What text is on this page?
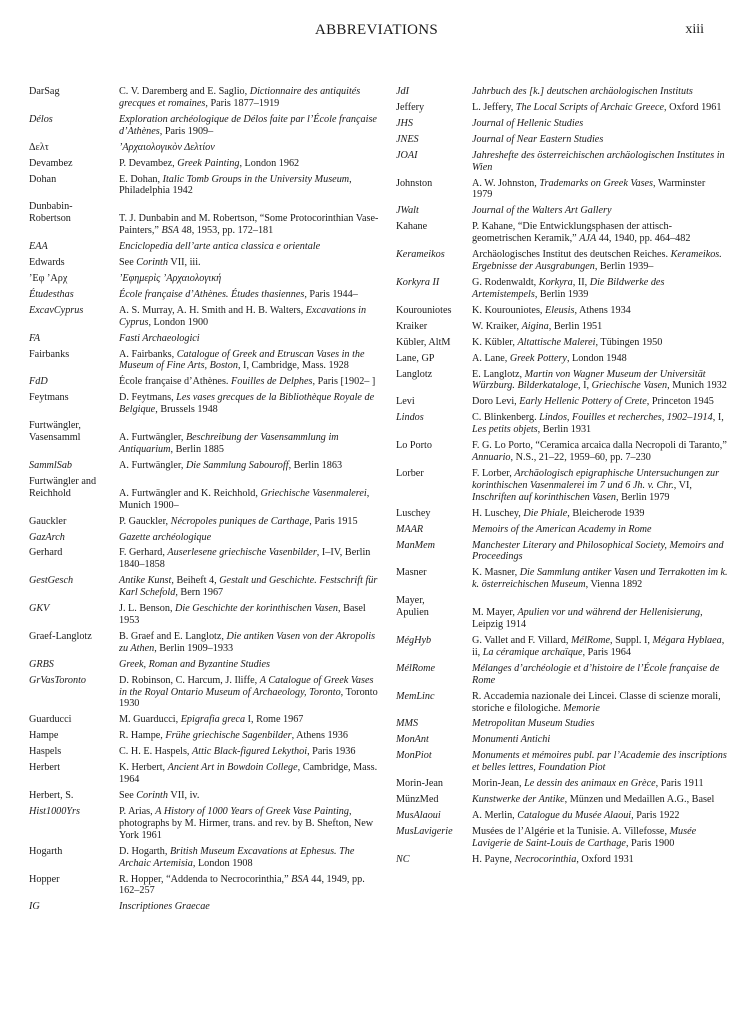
ABBREVIATIONS	xiii
DarSag	C. V. Daremberg and E. Saglio, Dictionnaire des antiquités grecques et romaines, Paris 1877–1919
Délos	Exploration archéologique de Délos faite par l’École française d’Athènes, Paris 1909–
Δελτ	’Αρχαιολογικὸν Δελτίον
Devambez	P. Devambez, Greek Painting, London 1962
Dohan	E. Dohan, Italic Tomb Groups in the University Museum, Philadelphia 1942
Dunbabin-
Robertson	T. J. Dunbabin and M. Robertson, “Some Protocorinthian Vase-Painters,” BSA 48, 1953, pp. 172–181
EAA	Enciclopedia dell’arte antica classica e orientale
Edwards	See Corinth VII, iii.
’Εφ ’Αρχ	’Εφημερὶς ’Αρχαιολογική
Étudesthas	École française d’Athènes. Études thasiennes, Paris 1944–
ExcavCyprus	A. S. Murray, A. H. Smith and H. B. Walters, Excavations in Cyprus, London 1900
FA	Fasti Archaeologici
Fairbanks	A. Fairbanks, Catalogue of Greek and Etruscan Vases in the Museum of Fine Arts, Boston, I, Cambridge, Mass. 1928
FdD	École française d’Athènes. Fouilles de Delphes, Paris [1902– ]
Feytmans	D. Feytmans, Les vases grecques de la Bibliothèque Royale de Belgique, Brussels 1948
Furtwängler,
Vasensamml	A. Furtwängler, Beschreibung der Vasensammlung im Antiquarium, Berlin 1885
SammlSab	A. Furtwängler, Die Sammlung Sabouroff, Berlin 1863
Furtwängler and
Reichhold	A. Furtwängler and K. Reichhold, Griechische Vasenmalerei, Munich 1900–
Gauckler	P. Gauckler, Nécropoles puniques de Carthage, Paris 1915
GazArch	Gazette archéologique
Gerhard	F. Gerhard, Auserlesene griechische Vasenbilder, I–IV, Berlin 1840–1858
GestGesch	Antike Kunst, Beiheft 4, Gestalt und Geschichte. Festschrift für Karl Schefold, Bern 1967
GKV	J. L. Benson, Die Geschichte der korinthischen Vasen, Basel 1953
Graef-Langlotz	B. Graef and E. Langlotz, Die antiken Vasen von der Akropolis zu Athen, Berlin 1909–1933
GRBS	Greek, Roman and Byzantine Studies
GrVasToronto	D. Robinson, C. Harcum, J. Iliffe, A Catalogue of Greek Vases in the Royal Ontario Museum of Archaeology, Toronto, Toronto 1930
Guarducci	M. Guarducci, Epigrafia greca I, Rome 1967
Hampe	R. Hampe, Frühe griechische Sagenbilder, Athens 1936
Haspels	C. H. E. Haspels, Attic Black-figured Lekythoi, Paris 1936
Herbert	K. Herbert, Ancient Art in Bowdoin College, Cambridge, Mass. 1964
Herbert, S.	See Corinth VII, iv.
Hist1000Yrs	P. Arias, A History of 1000 Years of Greek Vase Painting, photographs by M. Hirmer, trans. and rev. by B. Shefton, New York 1961
Hogarth	D. Hogarth, British Museum Excavations at Ephesus. The Archaic Artemisia, London 1908
Hopper	R. Hopper, “Addenda to Necrocorinthia,” BSA 44, 1949, pp. 162–257
IG	Inscriptiones Graecae
JdI	Jahrbuch des [k.] deutschen archäologischen Instituts
Jeffery	L. Jeffery, The Local Scripts of Archaic Greece, Oxford 1961
JHS	Journal of Hellenic Studies
JNES	Journal of Near Eastern Studies
JOAI	Jahreshefte des österreichischen archäologischen Institutes in Wien
Johnston	A. W. Johnston, Trademarks on Greek Vases, Warminster 1979
JWalt	Journal of the Walters Art Gallery
Kahane	P. Kahane, “Die Entwicklungsphasen der attisch-geometrischen Keramik,” AJA 44, 1940, pp. 464–482
Kerameikos	Archäologisches Institut des deutschen Reiches. Kerameikos. Ergebnisse der Ausgrabungen, Berlin 1939–
Korkyra II	G. Rodenwaldt, Korkyra, II, Die Bildwerke des Artemistempels, Berlin 1939
Kourouniotes	K. Kourouniotes, Eleusis, Athens 1934
Kraiker	W. Kraiker, Aigina, Berlin 1951
Kübler, AltM	K. Kübler, Altattische Malerei, Tübingen 1950
Lane, GP	A. Lane, Greek Pottery, London 1948
Langlotz	E. Langlotz, Martin von Wagner Museum der Universität Würzburg. Bilderkataloge, I, Griechische Vasen, Munich 1932
Levi	Doro Levi, Early Hellenic Pottery of Crete, Princeton 1945
Lindos	C. Blinkenberg. Lindos, Fouilles et recherches, 1902–1914, I, Les petits objets, Berlin 1931
Lo Porto	F. G. Lo Porto, “Ceramica arcaica dalla Necropoli di Taranto,” Annuario, N.S., 21–22, 1959–60, pp. 7–230
Lorber	F. Lorber, Archäologisch epigraphische Untersuchungen zur korinthischen Vasenmalerei im 7 und 6 Jh. v. Chr., VI, Inschriften auf korinthischen Vasen, Berlin 1979
Luschey	H. Luschey, Die Phiale, Bleicherode 1939
MAAR	Memoirs of the American Academy in Rome
ManMem	Manchester Literary and Philosophical Society, Memoirs and Proceedings
Masner	K. Masner, Die Sammlung antiker Vasen und Terrakotten im k. k. österreichischen Museum, Vienna 1892
Mayer,
Apulien	M. Mayer, Apulien vor und während der Hellenisierung, Leipzig 1914
MégHyb	G. Vallet and F. Villard, MélRome, Suppl. I, Mégara Hyblaea, ii, La céramique archaïque, Paris 1964
MélRome	Mélanges d’archéologie et d’histoire de l’École française de Rome
MemLinc	R. Accademia nazionale dei Lincei. Classe di scienze morali, storiche e filologiche. Memorie
MMS	Metropolitan Museum Studies
MonAnt	Monumenti Antichi
MonPiot	Monuments et mémoires publ. par l’Academie des inscriptions et belles lettres, Foundation Piot
Morin-Jean	Morin-Jean, Le dessin des animaux en Grèce, Paris 1911
MünzMed	Kunstwerke der Antike, Münzen und Medaillen A.G., Basel
MusAlaoui	A. Merlin, Catalogue du Musée Alaoui, Paris 1922
MusLavigerie	Musées de l’Algérie et la Tunisie. A. Villefosse, Musée Lavigerie de Saint-Louis de Carthage, Paris 1900
NC	H. Payne, Necrocorinthia, Oxford 1931
